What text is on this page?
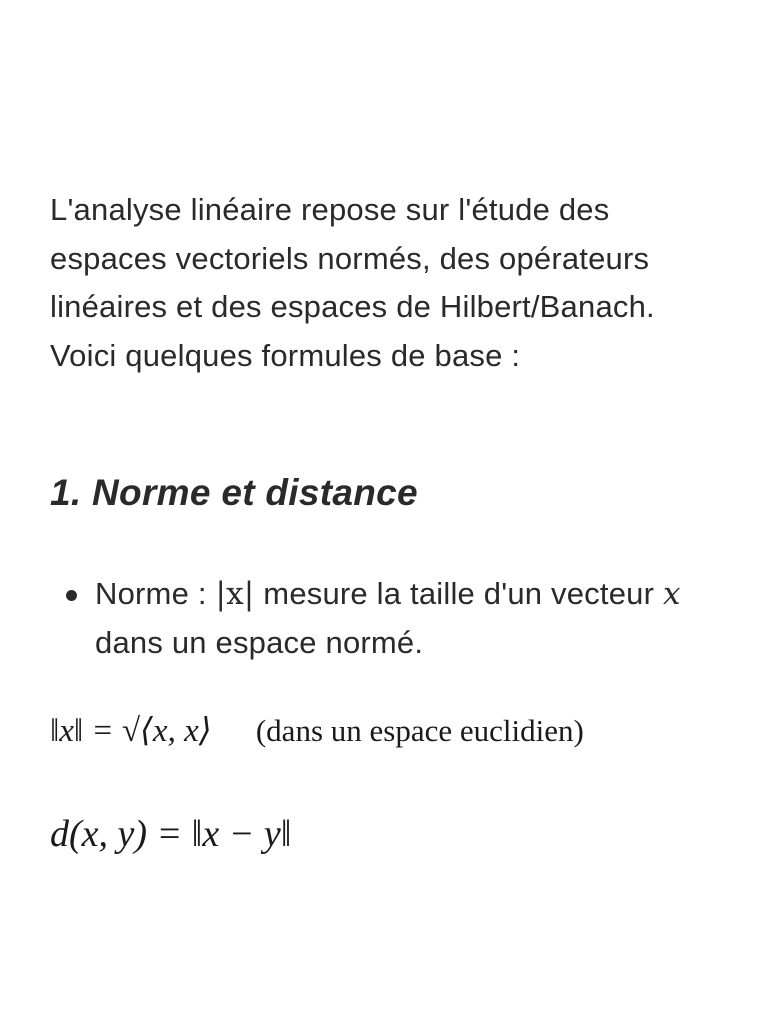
L'analyse linéaire repose sur l'étude des espaces vectoriels normés, des opérateurs linéaires et des espaces de Hilbert/Banach. Voici quelques formules de base :

1. Norme et distance
Norme : |x| mesure la taille d'un vecteur x dans un espace normé.
‖x‖ = √⟨x, x⟩ (dans un espace euclidien)
d(x, y) = ‖x − y‖
